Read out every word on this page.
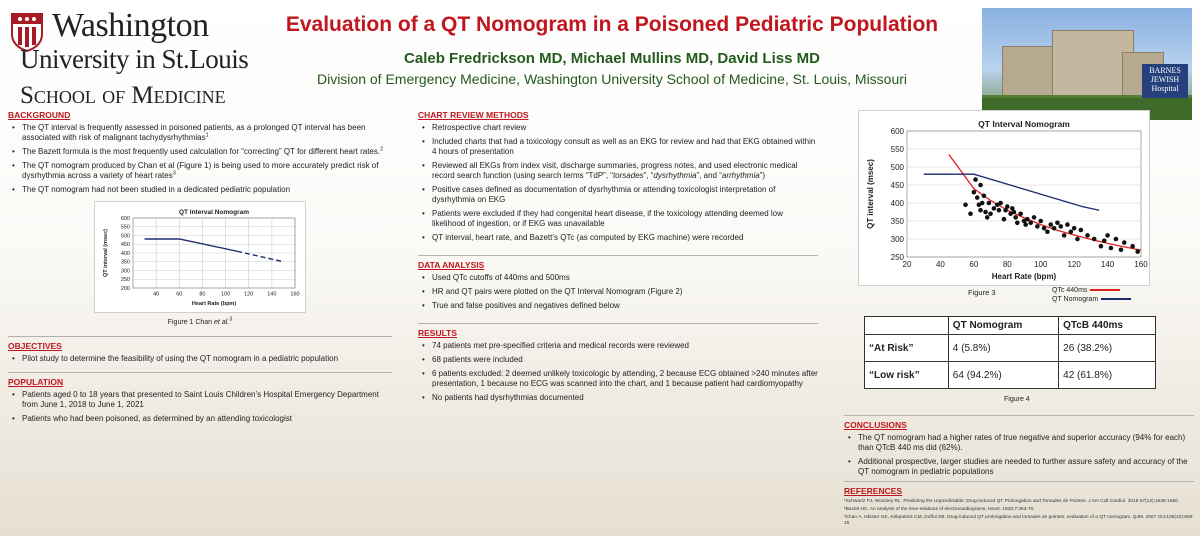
Washington
University in St.Louis
School of Medicine
Evaluation of a QT Nomogram in a Poisoned Pediatric Population
Caleb Fredrickson MD, Michael Mullins MD, David Liss MD
Division of Emergency Medicine, Washington University School of Medicine, St. Louis, Missouri
BARNES JEWISH Hospital
BACKGROUND
• The QT interval is frequently assessed in poisoned patients, as a prolonged QT interval has been associated with risk of malignant tachydysrhythmias$^1$
• The Bazett formula is the most frequently used calculation for “correcting” QT for different heart rates.$^2$
• The QT nomogram produced by Chan et al (Figure 1) is being used to more accurately predict risk of dysrhythmia across a variety of heart rates$^3$
• The QT nomogram had not been studied in a dedicated pediatric population
200
250
300
350
400
450
500
550
600
40	60	80	100	120	140	160
QT Interval Nomogram
Heart Rate (bpm)
QT interval (msec)
Figure 1 Chan et al.$^3$
OBJECTIVES
• Pilot study to determine the feasibility of using the QT nomogram in a pediatric population
POPULATION
• Patients aged 0 to 18 years that presented to Saint Louis Children’s Hospital Emergency Department from June 1, 2018 to June 1, 2021
• Patients who had been poisoned, as determined by an attending toxicologist
CHART REVIEW METHODS
• Retrospective chart review
• Included charts that had a toxicology consult as well as an EKG for review and had that EKG obtained within 4 hours of presentation
• Reviewed all EKGs from index visit, discharge summaries, progress notes, and used electronic medical record search function (using search terms “TdP”, “torsades”, “dysrhythmia”, and “arrhythmia”)
• Positive cases defined as documentation of dysrhythmia or attending toxicologist interpretation of dysrhythmia on EKG
• Patients were excluded if they had congenital heart disease, if the toxicology attending deemed low likelihood of ingestion, or if EKG was unavailable
• QT interval, heart rate, and Bazett’s QTc (as computed by EKG machine) were recorded
DATA ANALYSIS
• Used QTc cutoffs of 440ms and 500ms
• HR and QT pairs were plotted on the QT Interval Nomogram (Figure 2)
• True and false positives and negatives defined below
RESULTS
• 74 patients met pre-specified criteria and medical records were reviewed
• 68 patients were included
• 6 patients excluded: 2 deemed unlikely toxicologic by attending, 2 because ECG obtained >240 minutes after presentation, 1 because no ECG was scanned into the chart, and 1 because patient had cardiomyopathy
• No patients had dysrhythmias documented
250
300
350
400
450
500
550
600
20	40	60	80	100	120	140	160
QT Interval Nomogram
Heart Rate (bpm)
QT interval (msec)
Figure 3	QTc 440ms
QT Nomogram
	QT Nomogram	QTcB 440ms
“At Risk”	4 (5.8%)	26 (38.2%)
“Low risk”	64 (94.2%)	42 (61.8%)
Figure 4
CONCLUSIONS
• The QT nomogram had a higher rates of true negative and superior accuracy (94% for each) than QTcB 440 ms did (62%).
• Additional prospective, larger studies are needed to further assure safety and accuracy of the QT nomogram in pediatric populations
REFERENCES
¹Schwartz PJ, Wozniey RL. Predicting the Unpredictable: Drug-Induced QT Prolongation and Torsades de Pointes. J Am Coll Cardiol. 2016 67(13):1639-1650
²Bazett HC. An analysis of the time-relations of electrocardiograms. Heart. 1920;7:353-70.
³Chan A, Isbister GK, Kirkpatrick CM, Dufful SB. Drug-induced QT prolongation and torsades de pointes: evaluation of a QT nomogram. QJM. 2007 Oct;100(10):609-15
